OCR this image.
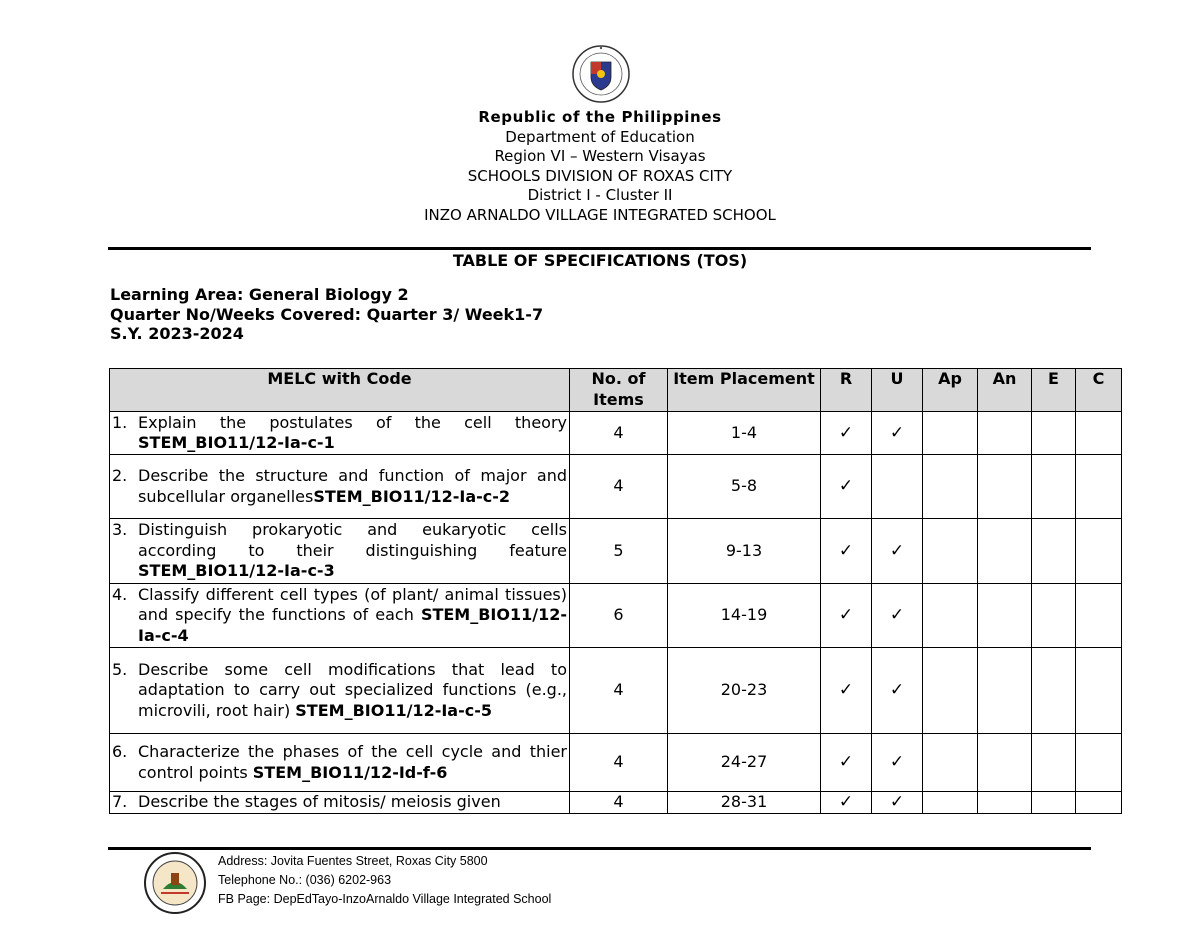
Republic of the Philippines
Department of Education
Region VI – Western Visayas
SCHOOLS DIVISION OF ROXAS CITY
District I - Cluster II
INZO ARNALDO VILLAGE INTEGRATED SCHOOL
TABLE OF SPECIFICATIONS (TOS)
Learning Area: General Biology 2
Quarter No/Weeks Covered: Quarter 3/ Week1-7
S.Y. 2023-2024
MELC with Code	No. of Items	Item Placement	R	U	Ap	An	E	C

1. Explain the postulates of the cell theory STEM_BIO11/12-Ia-c-1	4	1-4	✓	✓				

2. Describe the structure and function of major and subcellular organellesSTEM_BIO11/12-Ia-c-2	4	5-8	✓					

3. Distinguish prokaryotic and eukaryotic cells according to their distinguishing feature STEM_BIO11/12-Ia-c-3	5	9-13	✓	✓				

4. Classify different cell types (of plant/ animal tissues) and specify the functions of each STEM_BIO11/12-Ia-c-4	6	14-19	✓	✓				

5. Describe some cell modifications that lead to adaptation to carry out specialized functions (e.g., microvili, root hair) STEM_BIO11/12-Ia-c-5	4	20-23	✓	✓				

6. Characterize the phases of the cell cycle and thier control points STEM_BIO11/12-Id-f-6	4	24-27	✓	✓				

7. Describe the stages of mitosis/ meiosis given	4	28-31	✓	✓				
Address: Jovita Fuentes Street, Roxas City 5800
Telephone No.: (036) 6202-963
FB Page: DepEdTayo-InzoArnaldo Village Integrated School
